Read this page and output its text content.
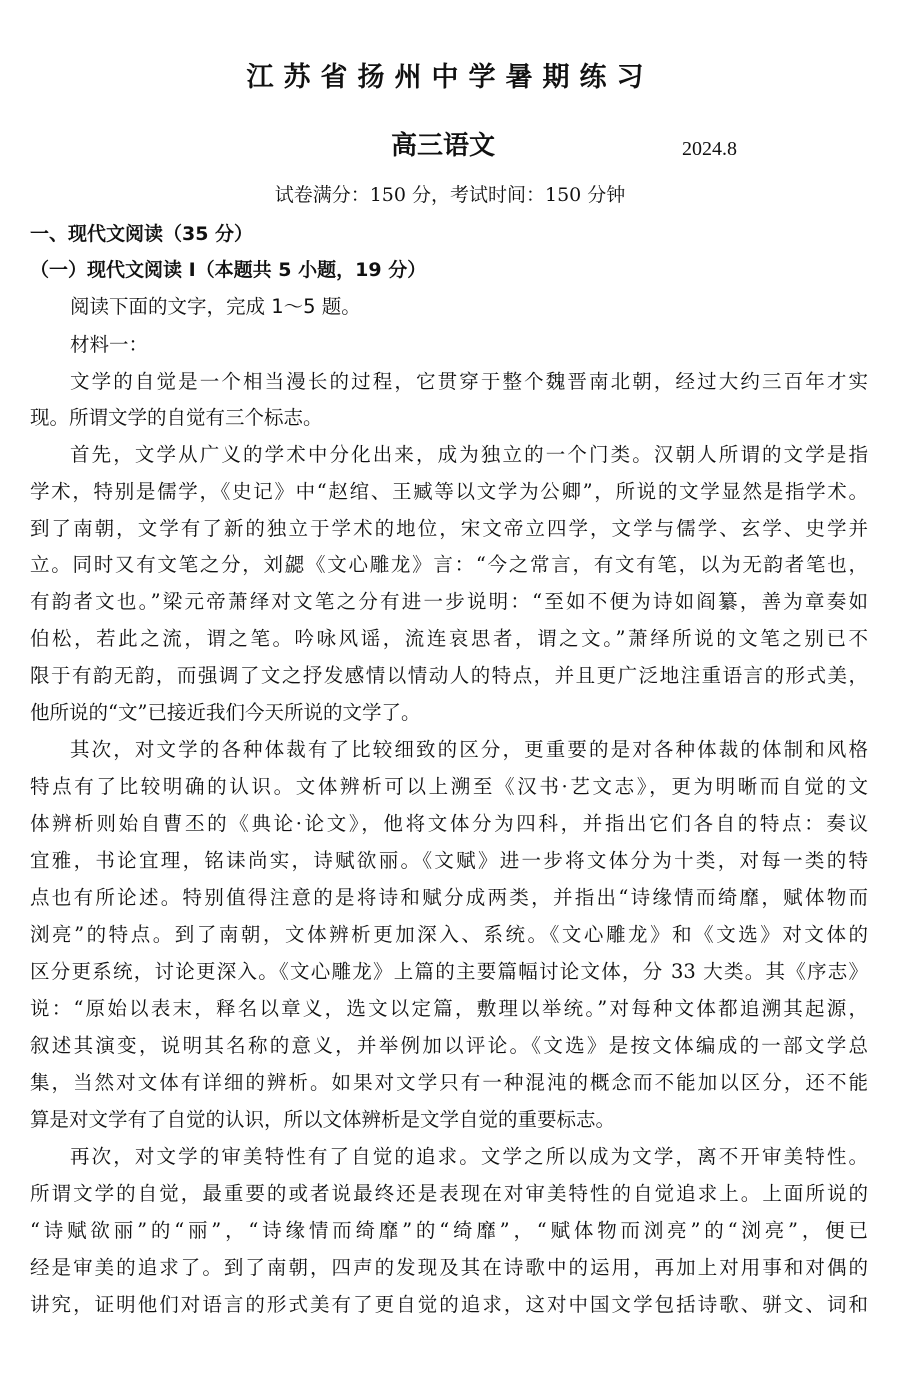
江苏省扬州中学暑期练习
高三语文	2024.8
试卷满分：150 分，考试时间：150 分钟
一、现代文阅读（35 分）
（一）现代文阅读 I（本题共 5 小题，19 分）
阅读下面的文字，完成 1～5 题。
材料一：
文学的自觉是一个相当漫长的过程，它贯穿于整个魏晋南北朝，经过大约三百年才实
现。所谓文学的自觉有三个标志。
首先，文学从广义的学术中分化出来，成为独立的一个门类。汉朝人所谓的文学是指
学术，特别是儒学，《史记》中“赵绾、王臧等以文学为公卿”，所说的文学显然是指学术。
到了南朝，文学有了新的独立于学术的地位，宋文帝立四学，文学与儒学、玄学、史学并
立。同时又有文笔之分，刘勰《文心雕龙》言：“今之常言，有文有笔，以为无韵者笔也，
有韵者文也。”梁元帝萧绎对文笔之分有进一步说明：“至如不便为诗如阎纂，善为章奏如
伯松，若此之流，谓之笔。吟咏风谣，流连哀思者，谓之文。”萧绎所说的文笔之别已不
限于有韵无韵，而强调了文之抒发感情以情动人的特点，并且更广泛地注重语言的形式美，
他所说的“文”已接近我们今天所说的文学了。
其次，对文学的各种体裁有了比较细致的区分，更重要的是对各种体裁的体制和风格
特点有了比较明确的认识。文体辨析可以上溯至《汉书·艺文志》，更为明晰而自觉的文
体辨析则始自曹丕的《典论·论文》，他将文体分为四科，并指出它们各自的特点：奏议
宜雅，书论宜理，铭诔尚实，诗赋欲丽。《文赋》进一步将文体分为十类，对每一类的特
点也有所论述。特别值得注意的是将诗和赋分成两类，并指出“诗缘情而绮靡，赋体物而
浏亮”的特点。到了南朝，文体辨析更加深入、系统。《文心雕龙》和《文选》对文体的
区分更系统，讨论更深入。《文心雕龙》上篇的主要篇幅讨论文体，分 33 大类。其《序志》
说：“原始以表末，释名以章义，选文以定篇，敷理以举统。”对每种文体都追溯其起源，
叙述其演变，说明其名称的意义，并举例加以评论。《文选》是按文体编成的一部文学总
集，当然对文体有详细的辨析。如果对文学只有一种混沌的概念而不能加以区分，还不能
算是对文学有了自觉的认识，所以文体辨析是文学自觉的重要标志。
再次，对文学的审美特性有了自觉的追求。文学之所以成为文学，离不开审美特性。
所谓文学的自觉，最重要的或者说最终还是表现在对审美特性的自觉追求上。上面所说的
“诗赋欲丽”的“丽”，“诗缘情而绮靡”的“绮靡”，“赋体物而浏亮”的“浏亮”，便已
经是审美的追求了。到了南朝，四声的发现及其在诗歌中的运用，再加上对用事和对偶的
讲究，证明他们对语言的形式美有了更自觉的追求，这对中国文学包括诗歌、骈文、词和
